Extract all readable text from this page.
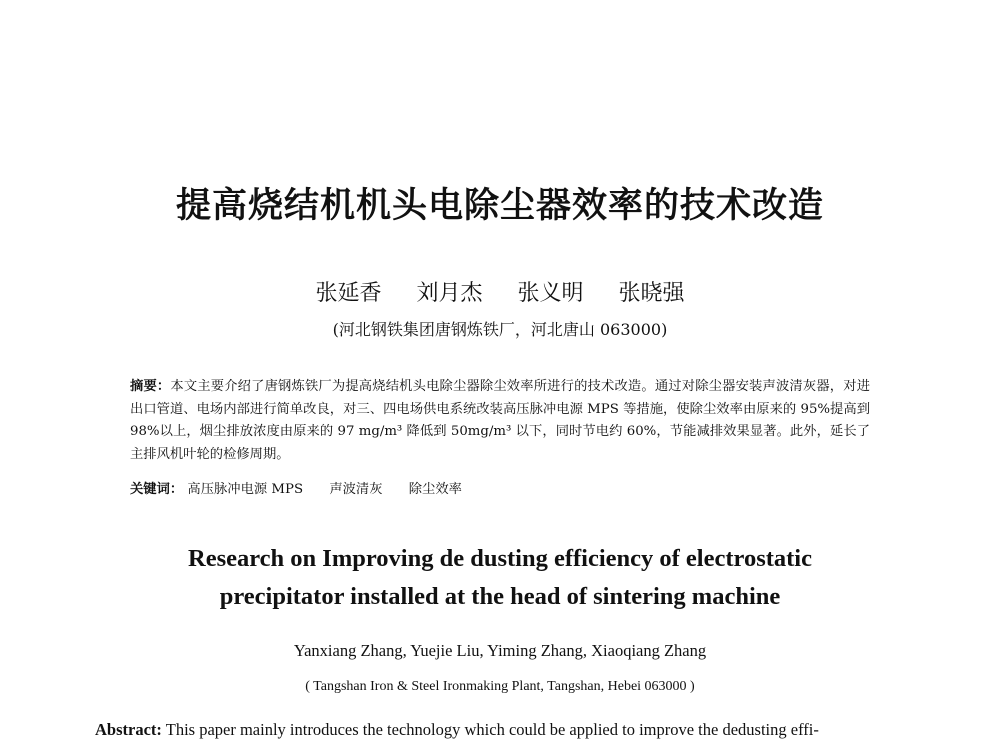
提高烧结机机头电除尘器效率的技术改造
张延香 刘月杰 张义明 张晓强
(河北钢铁集团唐钢炼铁厂，河北唐山 063000)
摘要：本文主要介绍了唐钢炼铁厂为提高烧结机头电除尘器除尘效率所进行的技术改造。通过对除尘器安装声波清灰器，对进出口管道、电场内部进行简单改良，对三、四电场供电系统改装高压脉冲电源 MPS 等措施，使除尘效率由原来的 95%提高到 98%以上，烟尘排放浓度由原来的 97 mg/m³ 降低到 50mg/m³ 以下，同时节电约 60%，节能减排效果显著。此外，延长了主排风机叶轮的检修周期。
关键词： 高压脉冲电源 MPS 声波清灰 除尘效率
Research on Improving de dusting efficiency of electrostatic
precipitator installed at the head of sintering machine
Yanxiang Zhang, Yuejie Liu, Yiming Zhang, Xiaoqiang Zhang
( Tangshan Iron & Steel Ironmaking Plant, Tangshan, Hebei 063000 )
Abstract: This paper mainly introduces the technology which could be applied to improve the dedusting effi-
